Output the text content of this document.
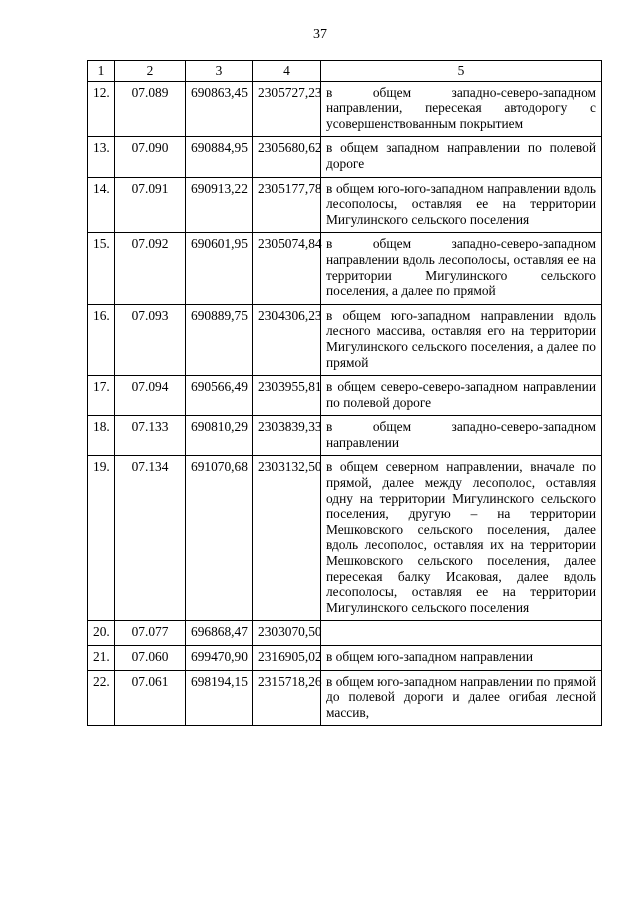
37
1	2	3	4	5
12.	07.089	690863,45	2305727,23	в общем западно-северо-западном направлении, пересекая автодорогу с усовершенствованным покрытием
13.	07.090	690884,95	2305680,62	в общем западном направлении по полевой дороге
14.	07.091	690913,22	2305177,78	в общем юго-юго-западном направлении вдоль лесополосы, оставляя ее на территории Мигулинского сельского поселения
15.	07.092	690601,95	2305074,84	в общем западно-северо-западном направлении вдоль лесополосы, оставляя ее на территории Мигулинского сельского поселения, а далее по прямой
16.	07.093	690889,75	2304306,23	в общем юго-западном направлении вдоль лесного массива, оставляя его на территории Мигулинского сельского поселения, а далее по прямой
17.	07.094	690566,49	2303955,81	в общем северо-северо-западном направлении по полевой дороге
18.	07.133	690810,29	2303839,33	в общем западно-северо-западном направлении
19.	07.134	691070,68	2303132,50	в общем северном направлении, вначале по прямой, далее между лесополос, оставляя одну на территории Мигулинского сельского поселения, другую – на территории Мешковского сельского поселения, далее вдоль лесополос, оставляя их на территории Мешковского сельского поселения, далее пересекая балку Исаковая, далее вдоль лесополосы, оставляя ее на территории Мигулинского сельского поселения
20.	07.077	696868,47	2303070,50	
21.	07.060	699470,90	2316905,02	в общем юго-западном направлении
22.	07.061	698194,15	2315718,26	в общем юго-западном направлении по прямой до полевой дороги и далее огибая лесной массив,
